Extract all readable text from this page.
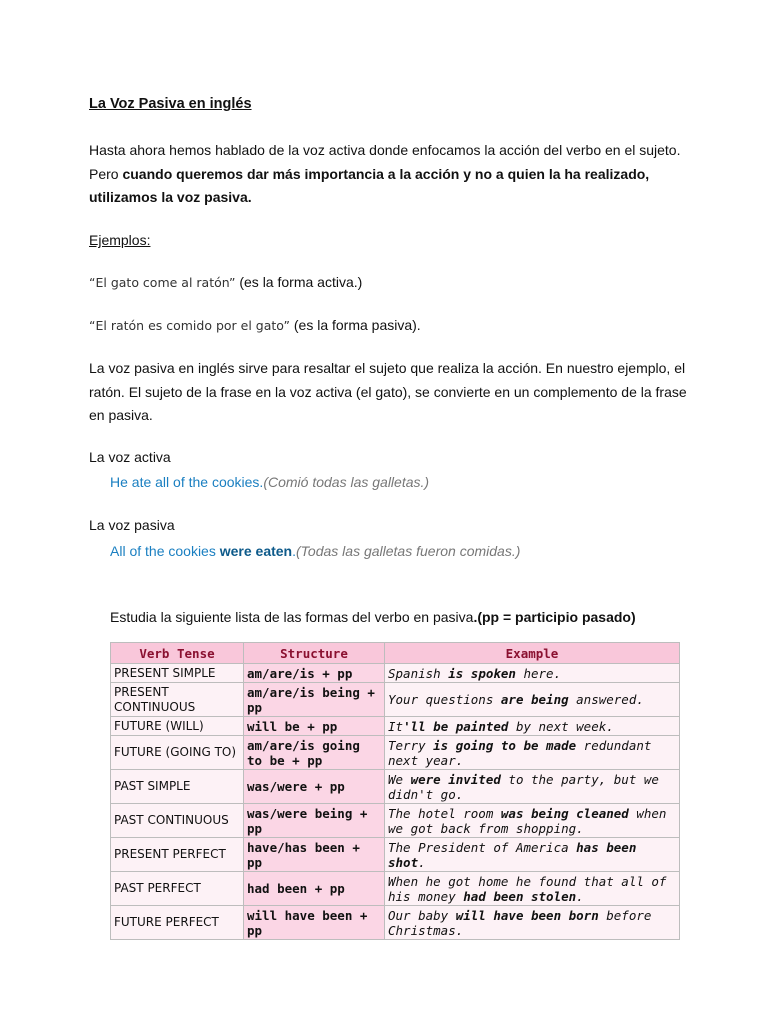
La Voz Pasiva en inglés

Hasta ahora hemos hablado de la voz activa donde enfocamos la acción del verbo en el sujeto. Pero cuando queremos dar más importancia a la acción y no a quien la ha realizado, utilizamos la voz pasiva.

Ejemplos:
“El gato come al ratón” (es la forma activa.)
“El ratón es comido por el gato” (es la forma pasiva).

La voz pasiva en inglés sirve para resaltar el sujeto que realiza la acción. En nuestro ejemplo, el ratón. El sujeto de la frase en la voz activa (el gato), se convierte en un complemento de la frase en pasiva.

La voz activa
He ate all of the cookies.(Comió todas las galletas.)
La voz pasiva
All of the cookies were eaten.(Todas las galletas fueron comidas.)
Estudia la siguiente lista de las formas del verbo en pasiva.(pp = participio pasado)
Verb Tense	Structure	Example
PRESENT SIMPLE	am/are/is + pp	Spanish is spoken here.
PRESENT CONTINUOUS	am/are/is being + pp	Your questions are being answered.
FUTURE (WILL)	will be + pp	It'll be painted by next week.
FUTURE (GOING TO)	am/are/is going to be + pp	Terry is going to be made redundant next year.
PAST SIMPLE	was/were + pp	We were invited to the party, but we didn't go.
PAST CONTINUOUS	was/were being + pp	The hotel room was being cleaned when we got back from shopping.
PRESENT PERFECT	have/has been + pp	The President of America has been shot.
PAST PERFECT	had been + pp	When he got home he found that all of his money had been stolen.
FUTURE PERFECT	will have been + pp	Our baby will have been born before Christmas.
